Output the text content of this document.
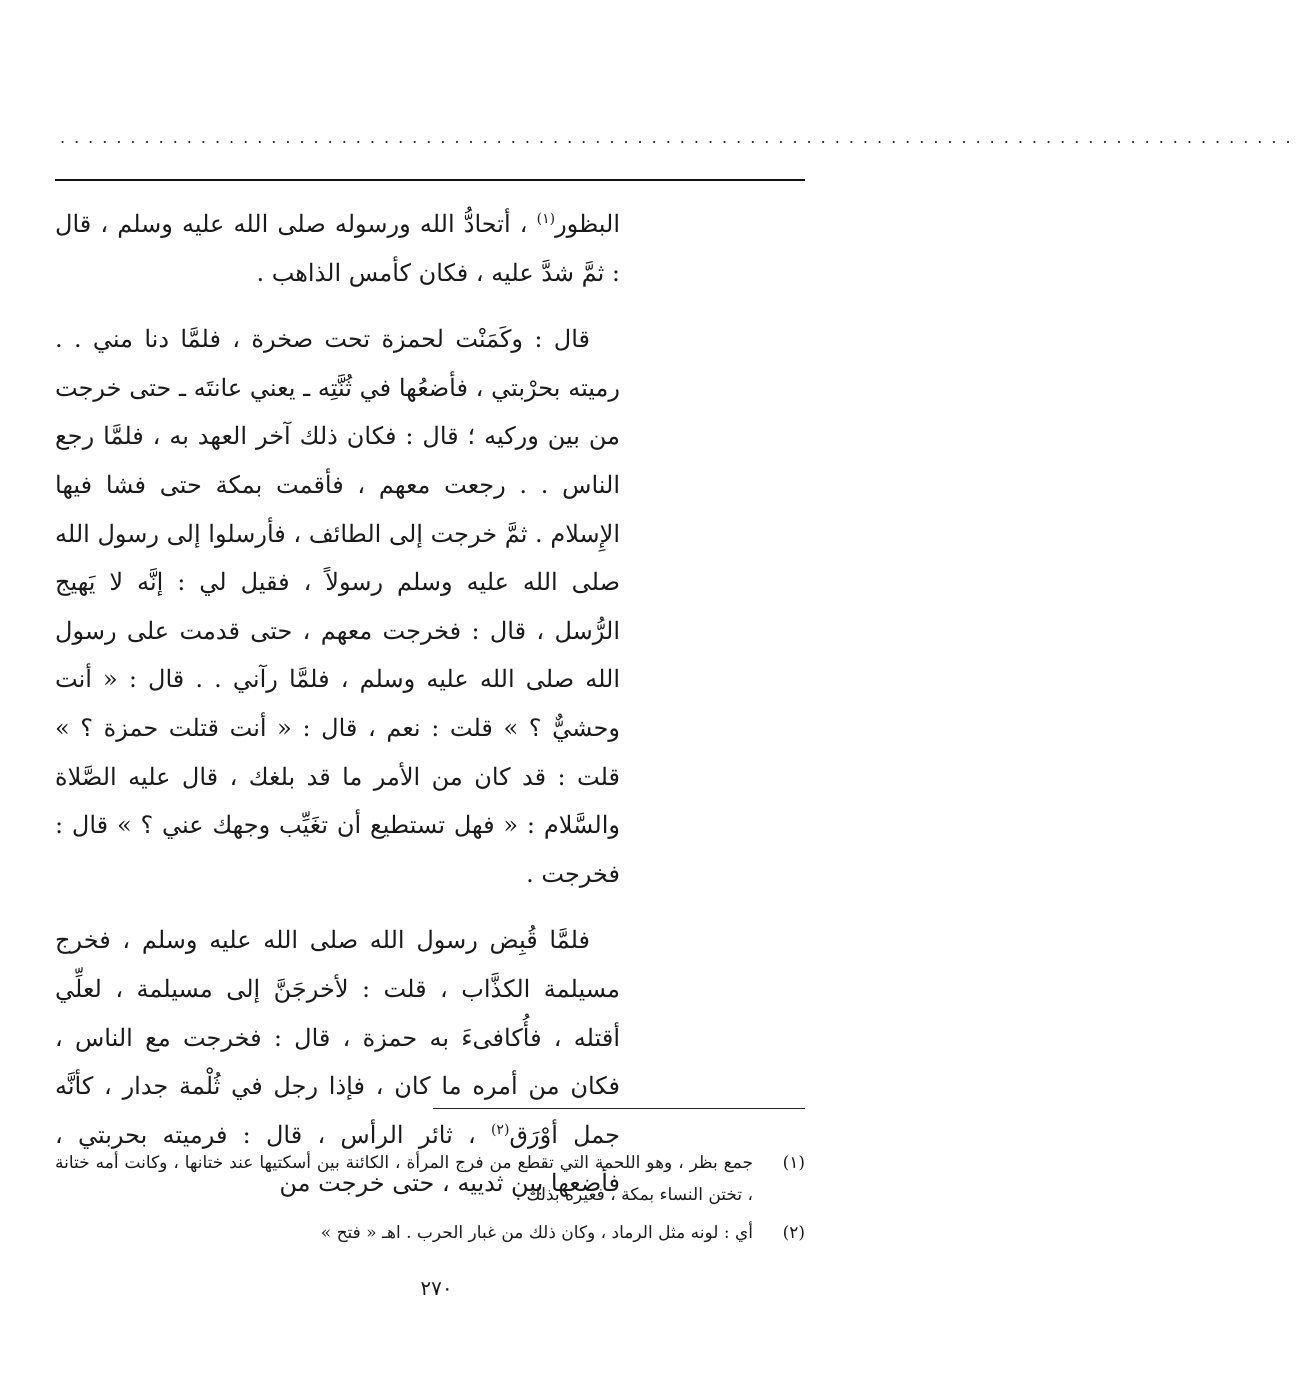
........................................................................................

البظور$^{(١)}$ ، أتحادُّ الله ورسوله صلى الله عليه وسلم ، قال : ثمَّ شدَّ عليه ، فكان كأمس الذاهب .

قال : وكَمَنْت لحمزة تحت صخرة ، فلمَّا دنا مني . . رميته بحرْبتي ، فأضعُها في ثُنَّتِه ـ يعني عانتَه ـ حتى خرجت من بين وركيه ؛ قال : فكان ذلك آخر العهد به ، فلمَّا رجع الناس . . رجعت معهم ، فأقمت بمكة حتى فشا فيها الإِسلام . ثمَّ خرجت إلى الطائف ، فأرسلوا إلى رسول الله صلى الله عليه وسلم رسولاً ، فقيل لي : إنَّه لا يَهيج الرُّسل ، قال : فخرجت معهم ، حتى قدمت على رسول الله صلى الله عليه وسلم ، فلمَّا رآني . . قال : « أنت وحشيٌّ ؟ » قلت : نعم ، قال : « أنت قتلت حمزة ؟ » قلت : قد كان من الأمر ما قد بلغك ، قال عليه الصَّلاة والسَّلام : « فهل تستطيع أن تغَيِّب وجهك عني ؟ » قال : فخرجت .

فلمَّا قُبِض رسول الله صلى الله عليه وسلم ، فخرج مسيلمة الكذَّاب ، قلت : لأخرجَنَّ إلى مسيلمة ، لعلِّي أقتله ، فأُكافىءَ به حمزة ، قال : فخرجت مع الناس ، فكان من أمره ما كان ، فإذا رجل في ثُلْمة جدار ، كأنَّه جمل أوْرَق$^{(٢)}$ ، ثائر الرأس ، قال : فرميته بحربتي ، فأضعها بين ثدييه ، حتى خرجت من

(١)
جمع بظر ، وهو اللحمة التي تقطع من فرج المرأة ، الكائنة بين أسكتيها عند ختانها ، وكانت أمه ختانة ، تختن النساء بمكة ، فعيره بذلك .
(٢)
أي : لونه مثل الرماد ، وكان ذلك من غبار الحرب . اهـ « فتح »
٢٧٠
